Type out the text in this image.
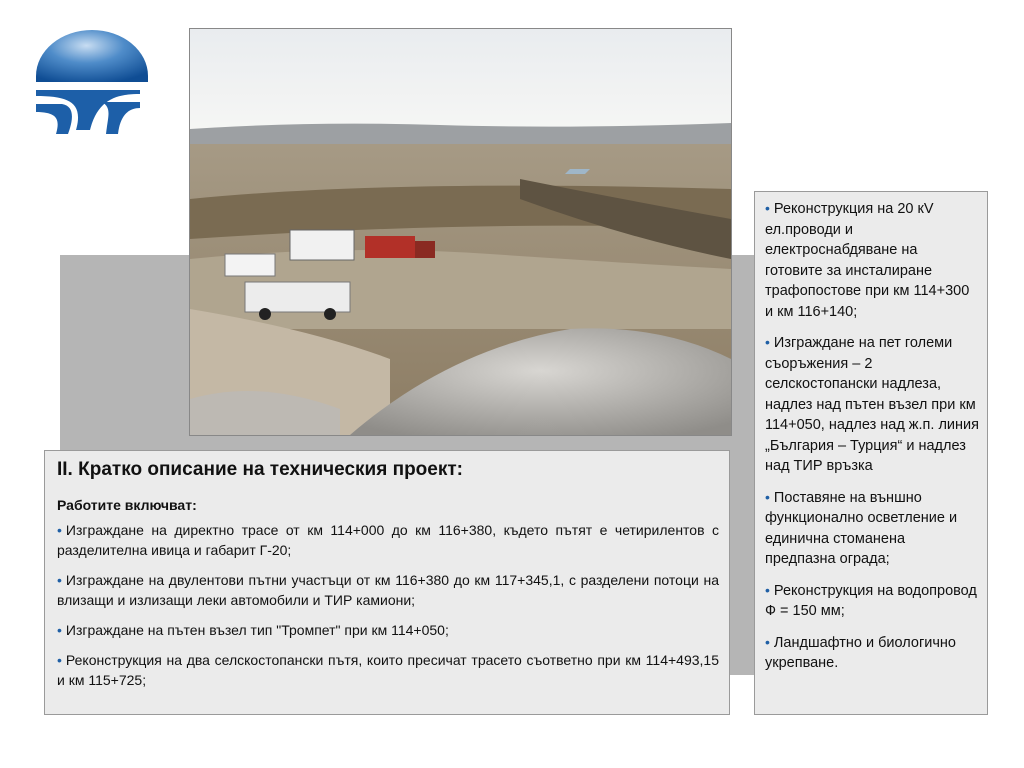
II. Кратко описание на техническия проект:
Работите включват:
• Изграждане на директно трасе от км 114+000 до км 116+380, където пътят е четирилентов с разделителна ивица и габарит Г-20;
• Изграждане на двулентови пътни участъци от км 116+380 до км 117+345,1, с разделени потоци на влизащи и излизащи леки автомобили и ТИР камиони;
• Изграждане на пътен възел тип "Тромпет" при км 114+050;
• Реконструкция на два селскостопански пътя, които пресичат трасето съответно при км 114+493,15 и км 115+725;
• Реконструкция на 20 кV ел.проводи и електроснабдяване на готовите за инсталиране трафопостове при км 114+300 и км 116+140;
• Изграждане на пет големи съоръжения – 2 селскостопански надлеза, надлез над пътен възел при км 114+050, надлез над ж.п. линия „България – Турция“ и надлез над ТИР връзка
• Поставяне на външно функционално осветление и единична стоманена предпазна ограда;
• Реконструкция на водопровод Ф = 150 мм;
• Ландшафтно и биологично укрепване.
